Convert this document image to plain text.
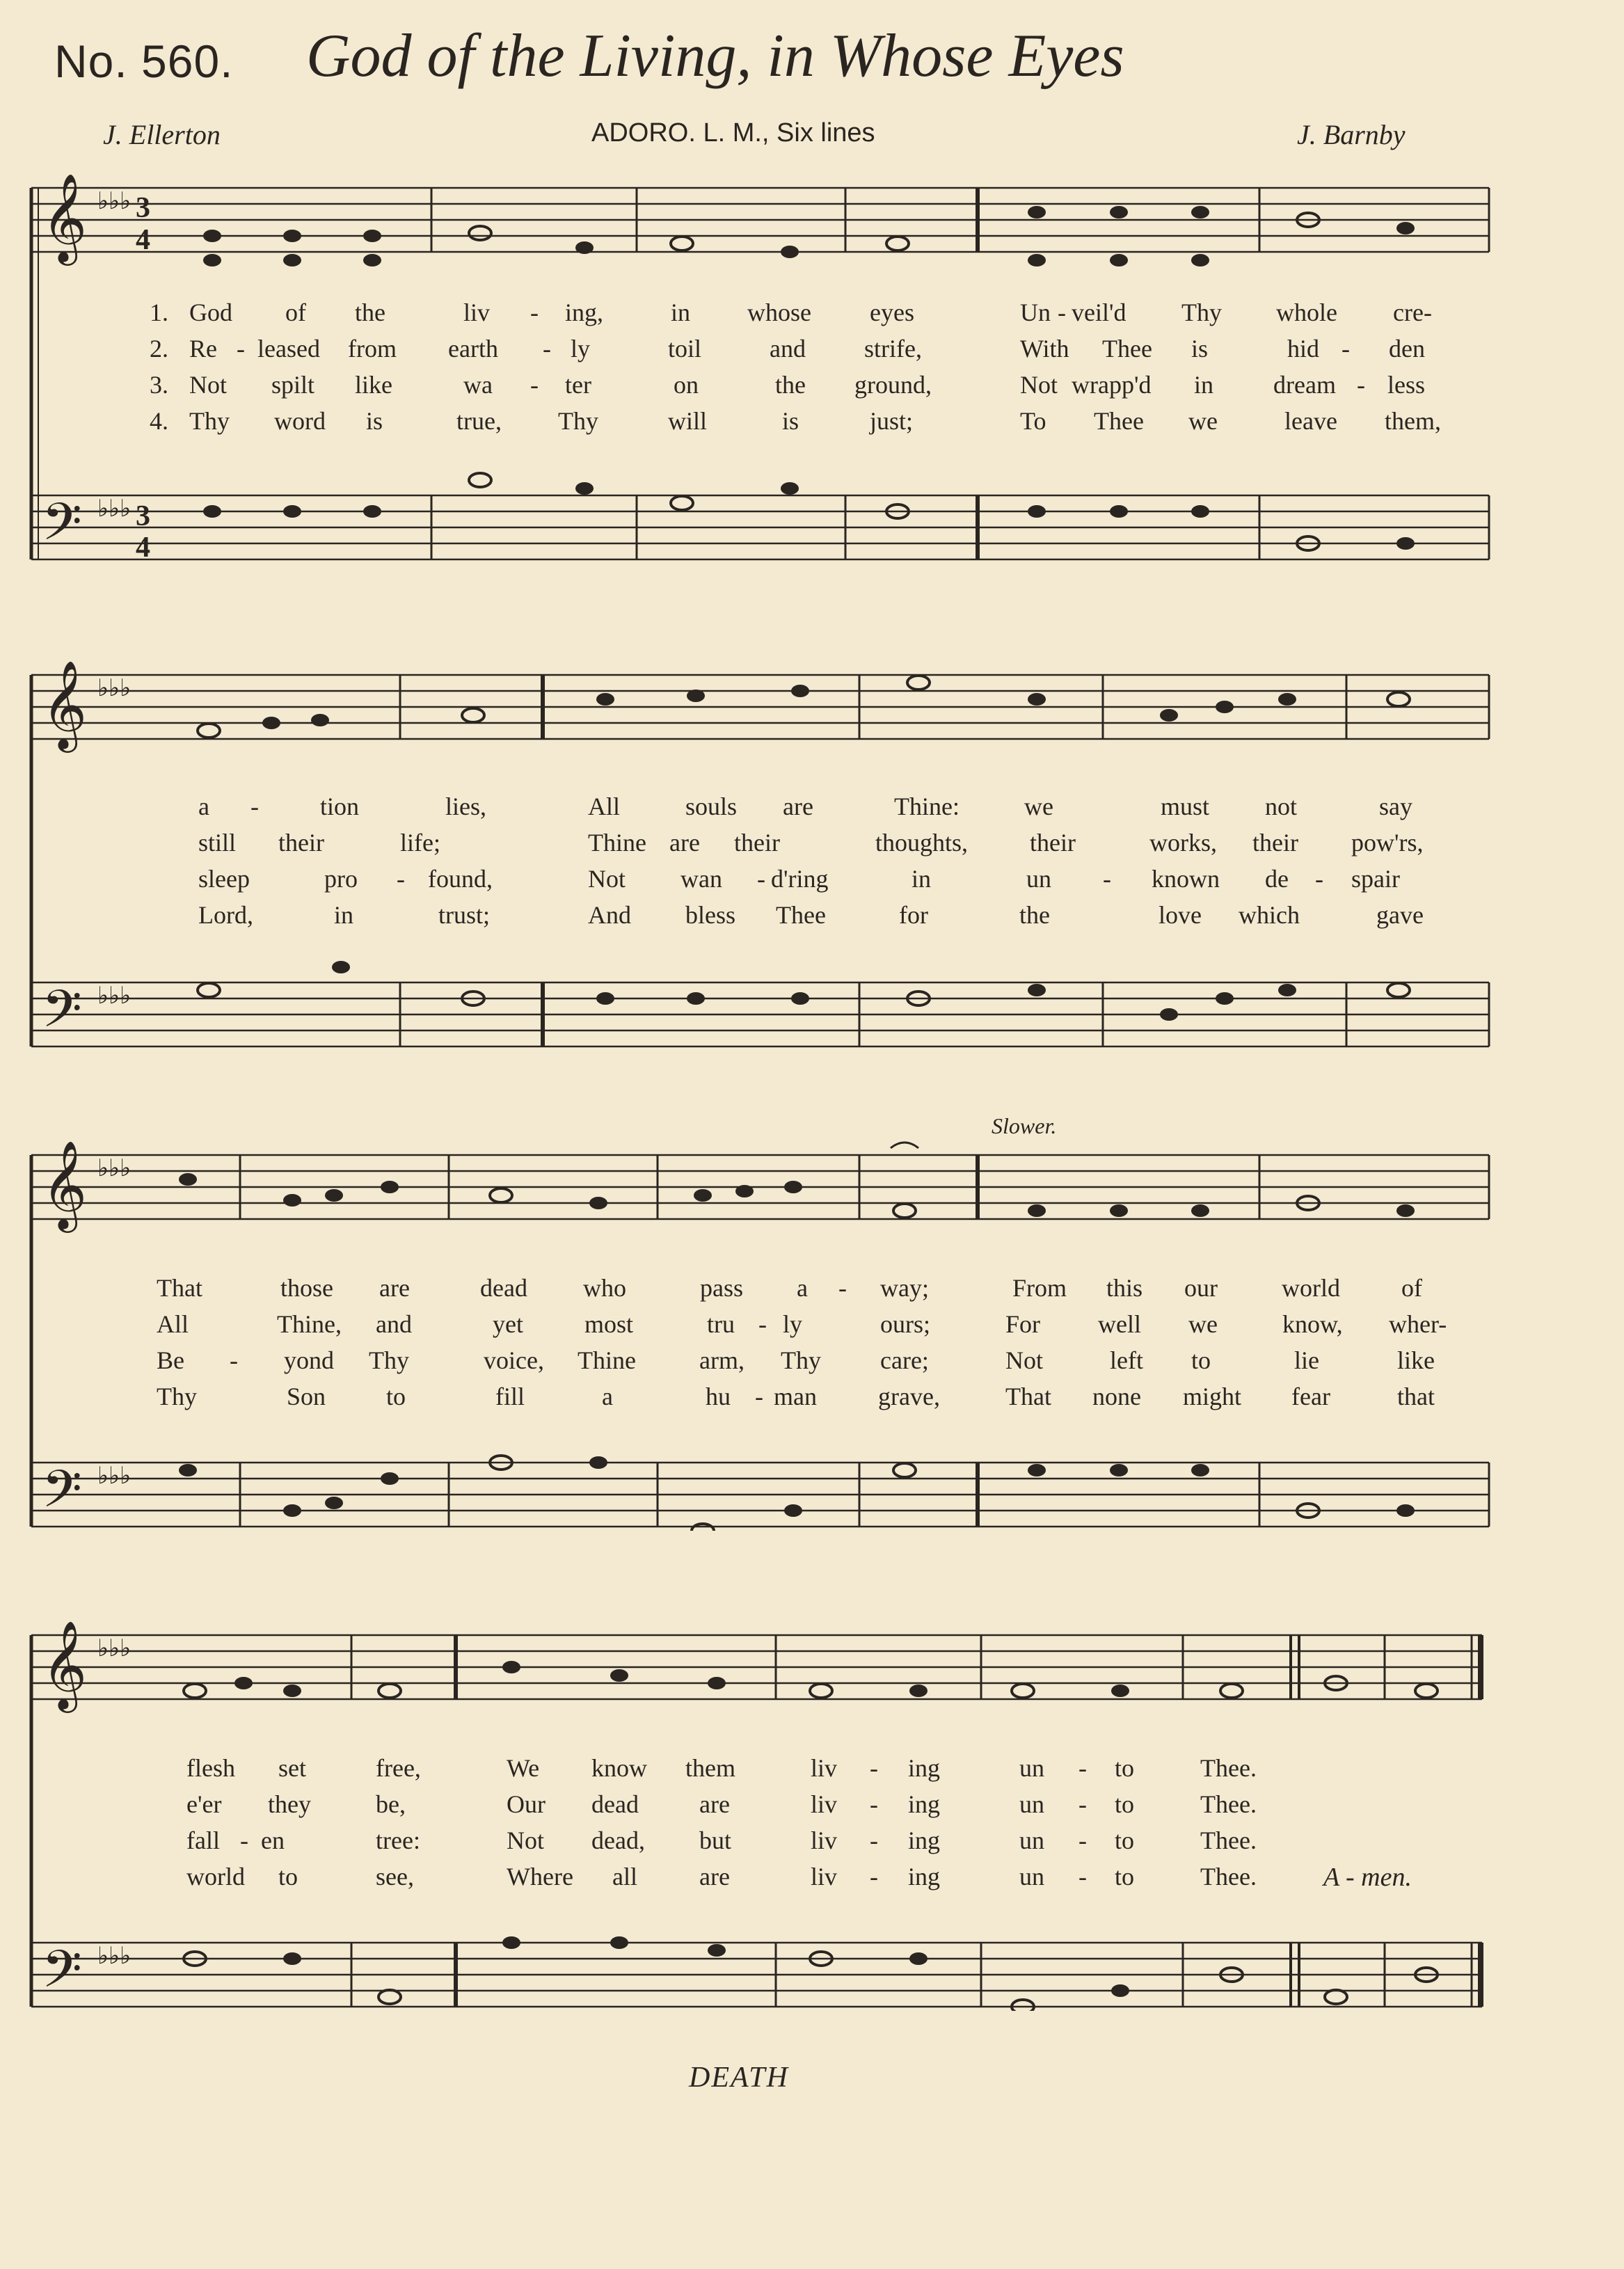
No. 560. God of the Living, in Whose Eyes
J. Ellerton	ADORO. L. M., Six lines	J. Barnby
𝄞
𝄢
♭♭♭
♭♭♭
3
4
3
4
1. God of the	liv - ing,	in whose eyes	Un - veil'd Thy whole cre-
2. Re - leased from earth - ly	toil	and strife,	With Thee is	hid - den
3. Not spilt like	wa - ter	on	the ground,	Not wrapp'd in dream - less
4. Thy word is	true, Thy	will	is	just;	To Thee we	leave them,
𝄞
𝄢
♭♭♭
♭♭♭
a - tion	lies,	All	souls are	Thine:	we	must not	say
still their	life;	Thine are their	thoughts, their	works, their pow'rs,
sleep	pro - found,	Not wan - d'ring	in	un - known de - spair
Lord,	in	trust;	And bless Thee	for	the	love which	gave
Slower.
𝄞
𝄢
♭♭♭
♭♭♭
That	those are	dead who	pass a - way;	From this our	world of
All	Thine, and	yet most	tru - ly	ours;	For well we	know, wher-
Be - yond Thy	voice, Thine	arm, Thy care;	Not	left to	lie	like
Thy	Son to	fill	a	hu - man grave,	That none might fear	that
𝄞
𝄢
♭♭♭
♭♭♭
flesh set	free,	We know them	liv - ing	un - to	Thee.
e'er they	be,	Our dead are	liv - ing	un - to	Thee.
fall - en	tree:	Not dead, but	liv - ing	un - to	Thee.
world to	see,	Where all are	liv - ing	un - to	Thee.	A - men.
DEATH
